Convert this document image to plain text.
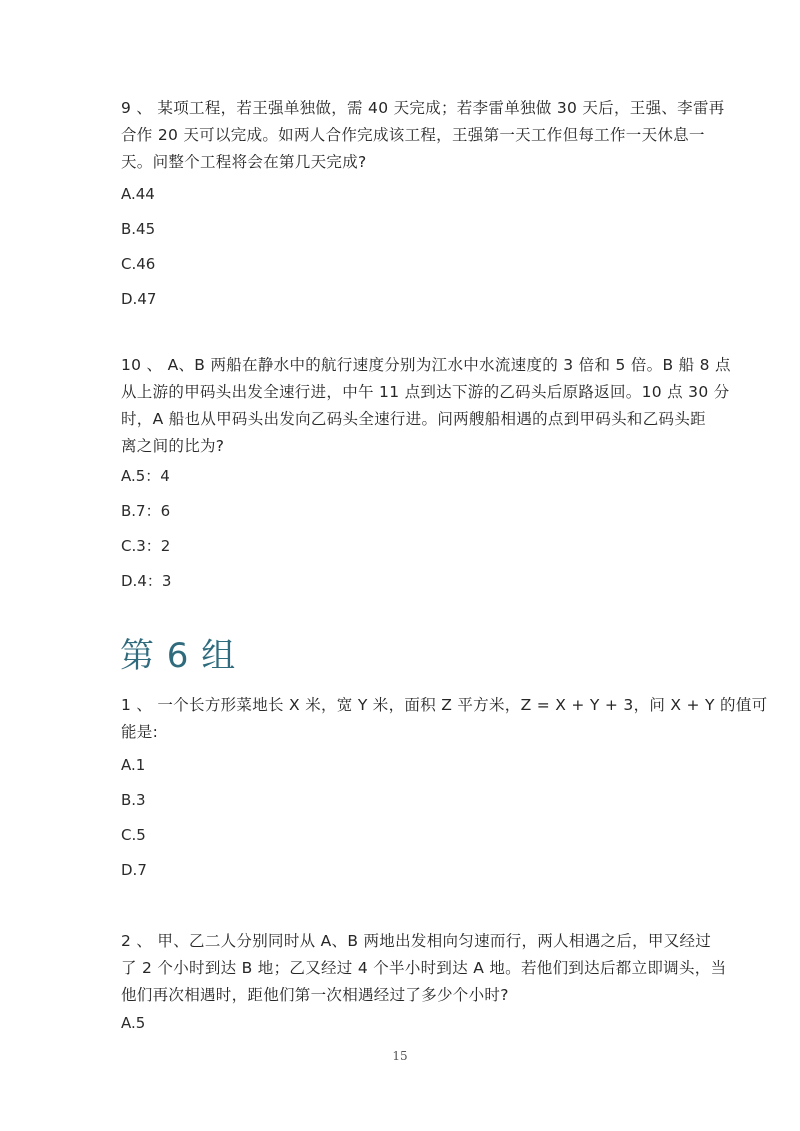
9 、 某项工程，若王强单独做，需 40 天完成；若李雷单独做 30 天后，王强、李雷再
合作 20 天可以完成。如两人合作完成该工程，王强第一天工作但每工作一天休息一
天。问整个工程将会在第几天完成?

A.44

B.45

C.46

D.47

10 、 A、B 两船在静水中的航行速度分别为江水中水流速度的 3 倍和 5 倍。B 船 8 点
从上游的甲码头出发全速行进，中午 11 点到达下游的乙码头后原路返回。10 点 30 分
时，A 船也从甲码头出发向乙码头全速行进。问两艘船相遇的点到甲码头和乙码头距
离之间的比为?

A.5：4

B.7：6

C.3：2

D.4：3

第 6 组
1 、 一个长方形菜地长 X 米，宽 Y 米，面积 Z 平方米，Z = X + Y + 3，问 X + Y 的值可
能是:

A.1

B.3

C.5

D.7

2 、 甲、乙二人分别同时从 A、B 两地出发相向匀速而行，两人相遇之后，甲又经过
了 2 个小时到达 B 地；乙又经过 4 个半小时到达 A 地。若他们到达后都立即调头，当
他们再次相遇时，距他们第一次相遇经过了多少个小时?

A.5

15
